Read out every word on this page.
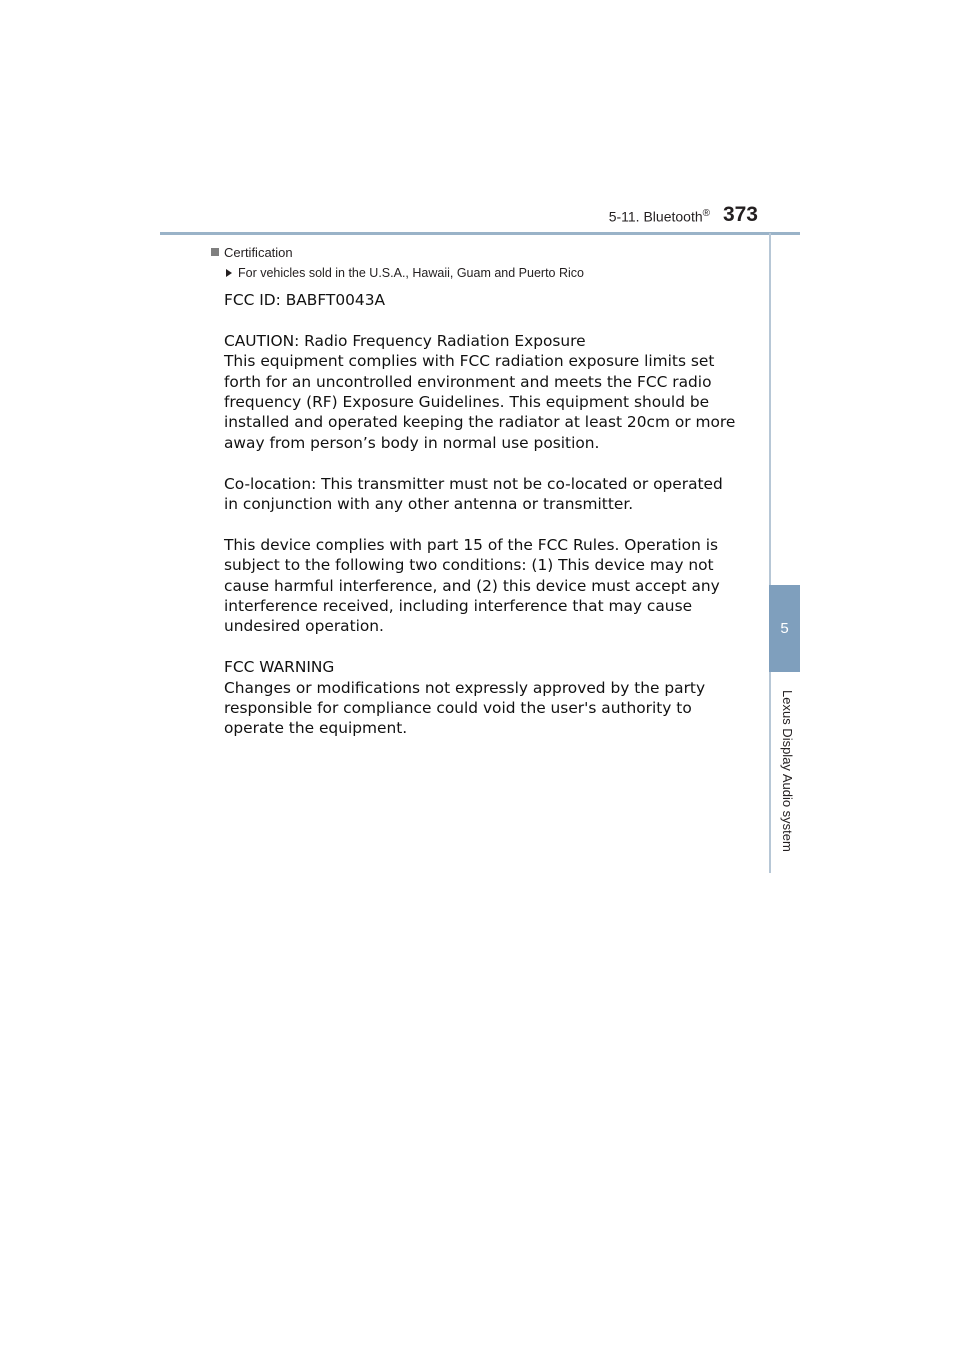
5-11. Bluetooth® 373
5
Lexus Display Audio system
Certification
For vehicles sold in the U.S.A., Hawaii, Guam and Puerto Rico
FCC ID: BABFT0043A
CAUTION: Radio Frequency Radiation Exposure
This equipment complies with FCC radiation exposure limits set
forth for an uncontrolled environment and meets the FCC radio
frequency (RF) Exposure Guidelines. This equipment should be
installed and operated keeping the radiator at least 20cm or more
away from person’s body in normal use position.
Co-location: This transmitter must not be co-located or operated
in conjunction with any other antenna or transmitter.
This device complies with part 15 of the FCC Rules. Operation is
subject to the following two conditions: (1) This device may not
cause harmful interference, and (2) this device must accept any
interference received, including interference that may cause
undesired operation.
FCC WARNING
Changes or modifications not expressly approved by the party
responsible for compliance could void the user's authority to
operate the equipment.
